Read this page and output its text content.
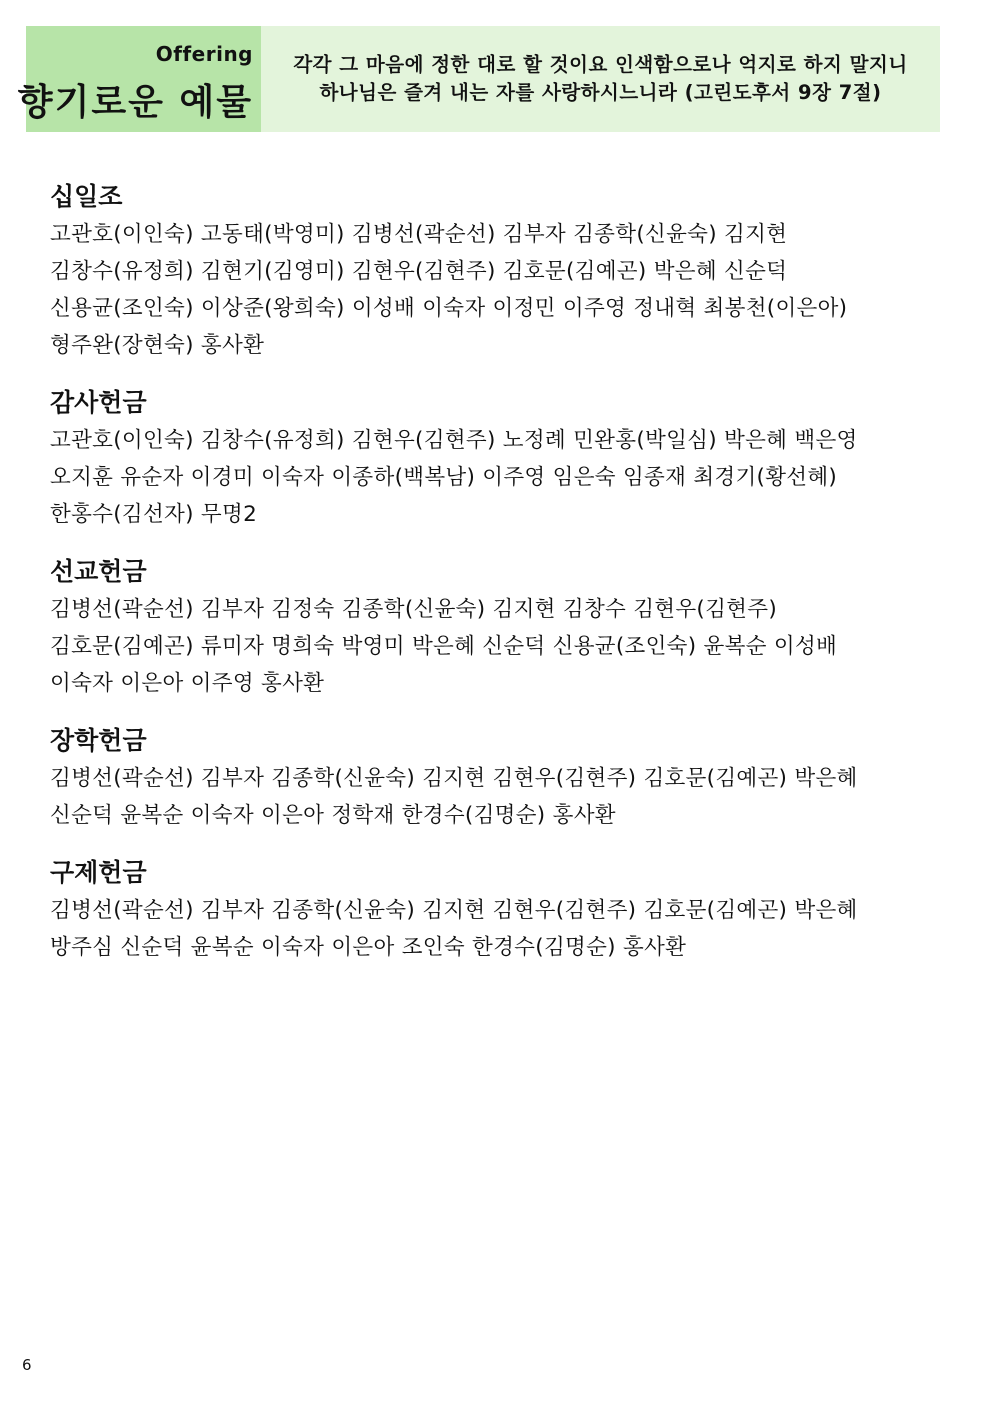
Offering
향기로운 예물
각각 그 마음에 정한 대로 할 것이요 인색함으로나 억지로 하지 말지니
하나님은 즐겨 내는 자를 사랑하시느니라 (고린도후서 9장 7절)
십일조
고관호(이인숙) 고동태(박영미) 김병선(곽순선) 김부자 김종학(신윤숙) 김지현
김창수(유정희) 김현기(김영미) 김현우(김현주) 김호문(김예곤) 박은혜 신순덕
신용균(조인숙) 이상준(왕희숙) 이성배 이숙자 이정민 이주영 정내혁 최봉천(이은아)
형주완(장현숙) 홍사환
감사헌금
고관호(이인숙) 김창수(유정희) 김현우(김현주) 노정례 민완홍(박일심) 박은혜 백은영
오지훈 유순자 이경미 이숙자 이종하(백복남) 이주영 임은숙 임종재 최경기(황선혜)
한홍수(김선자) 무명2
선교헌금
김병선(곽순선) 김부자 김정숙 김종학(신윤숙) 김지현 김창수 김현우(김현주)
김호문(김예곤) 류미자 명희숙 박영미 박은혜 신순덕 신용균(조인숙) 윤복순 이성배
이숙자 이은아 이주영 홍사환
장학헌금
김병선(곽순선) 김부자 김종학(신윤숙) 김지현 김현우(김현주) 김호문(김예곤) 박은혜
신순덕 윤복순 이숙자 이은아 정학재 한경수(김명순) 홍사환
구제헌금
김병선(곽순선) 김부자 김종학(신윤숙) 김지현 김현우(김현주) 김호문(김예곤) 박은혜
방주심 신순덕 윤복순 이숙자 이은아 조인숙 한경수(김명순) 홍사환
6
